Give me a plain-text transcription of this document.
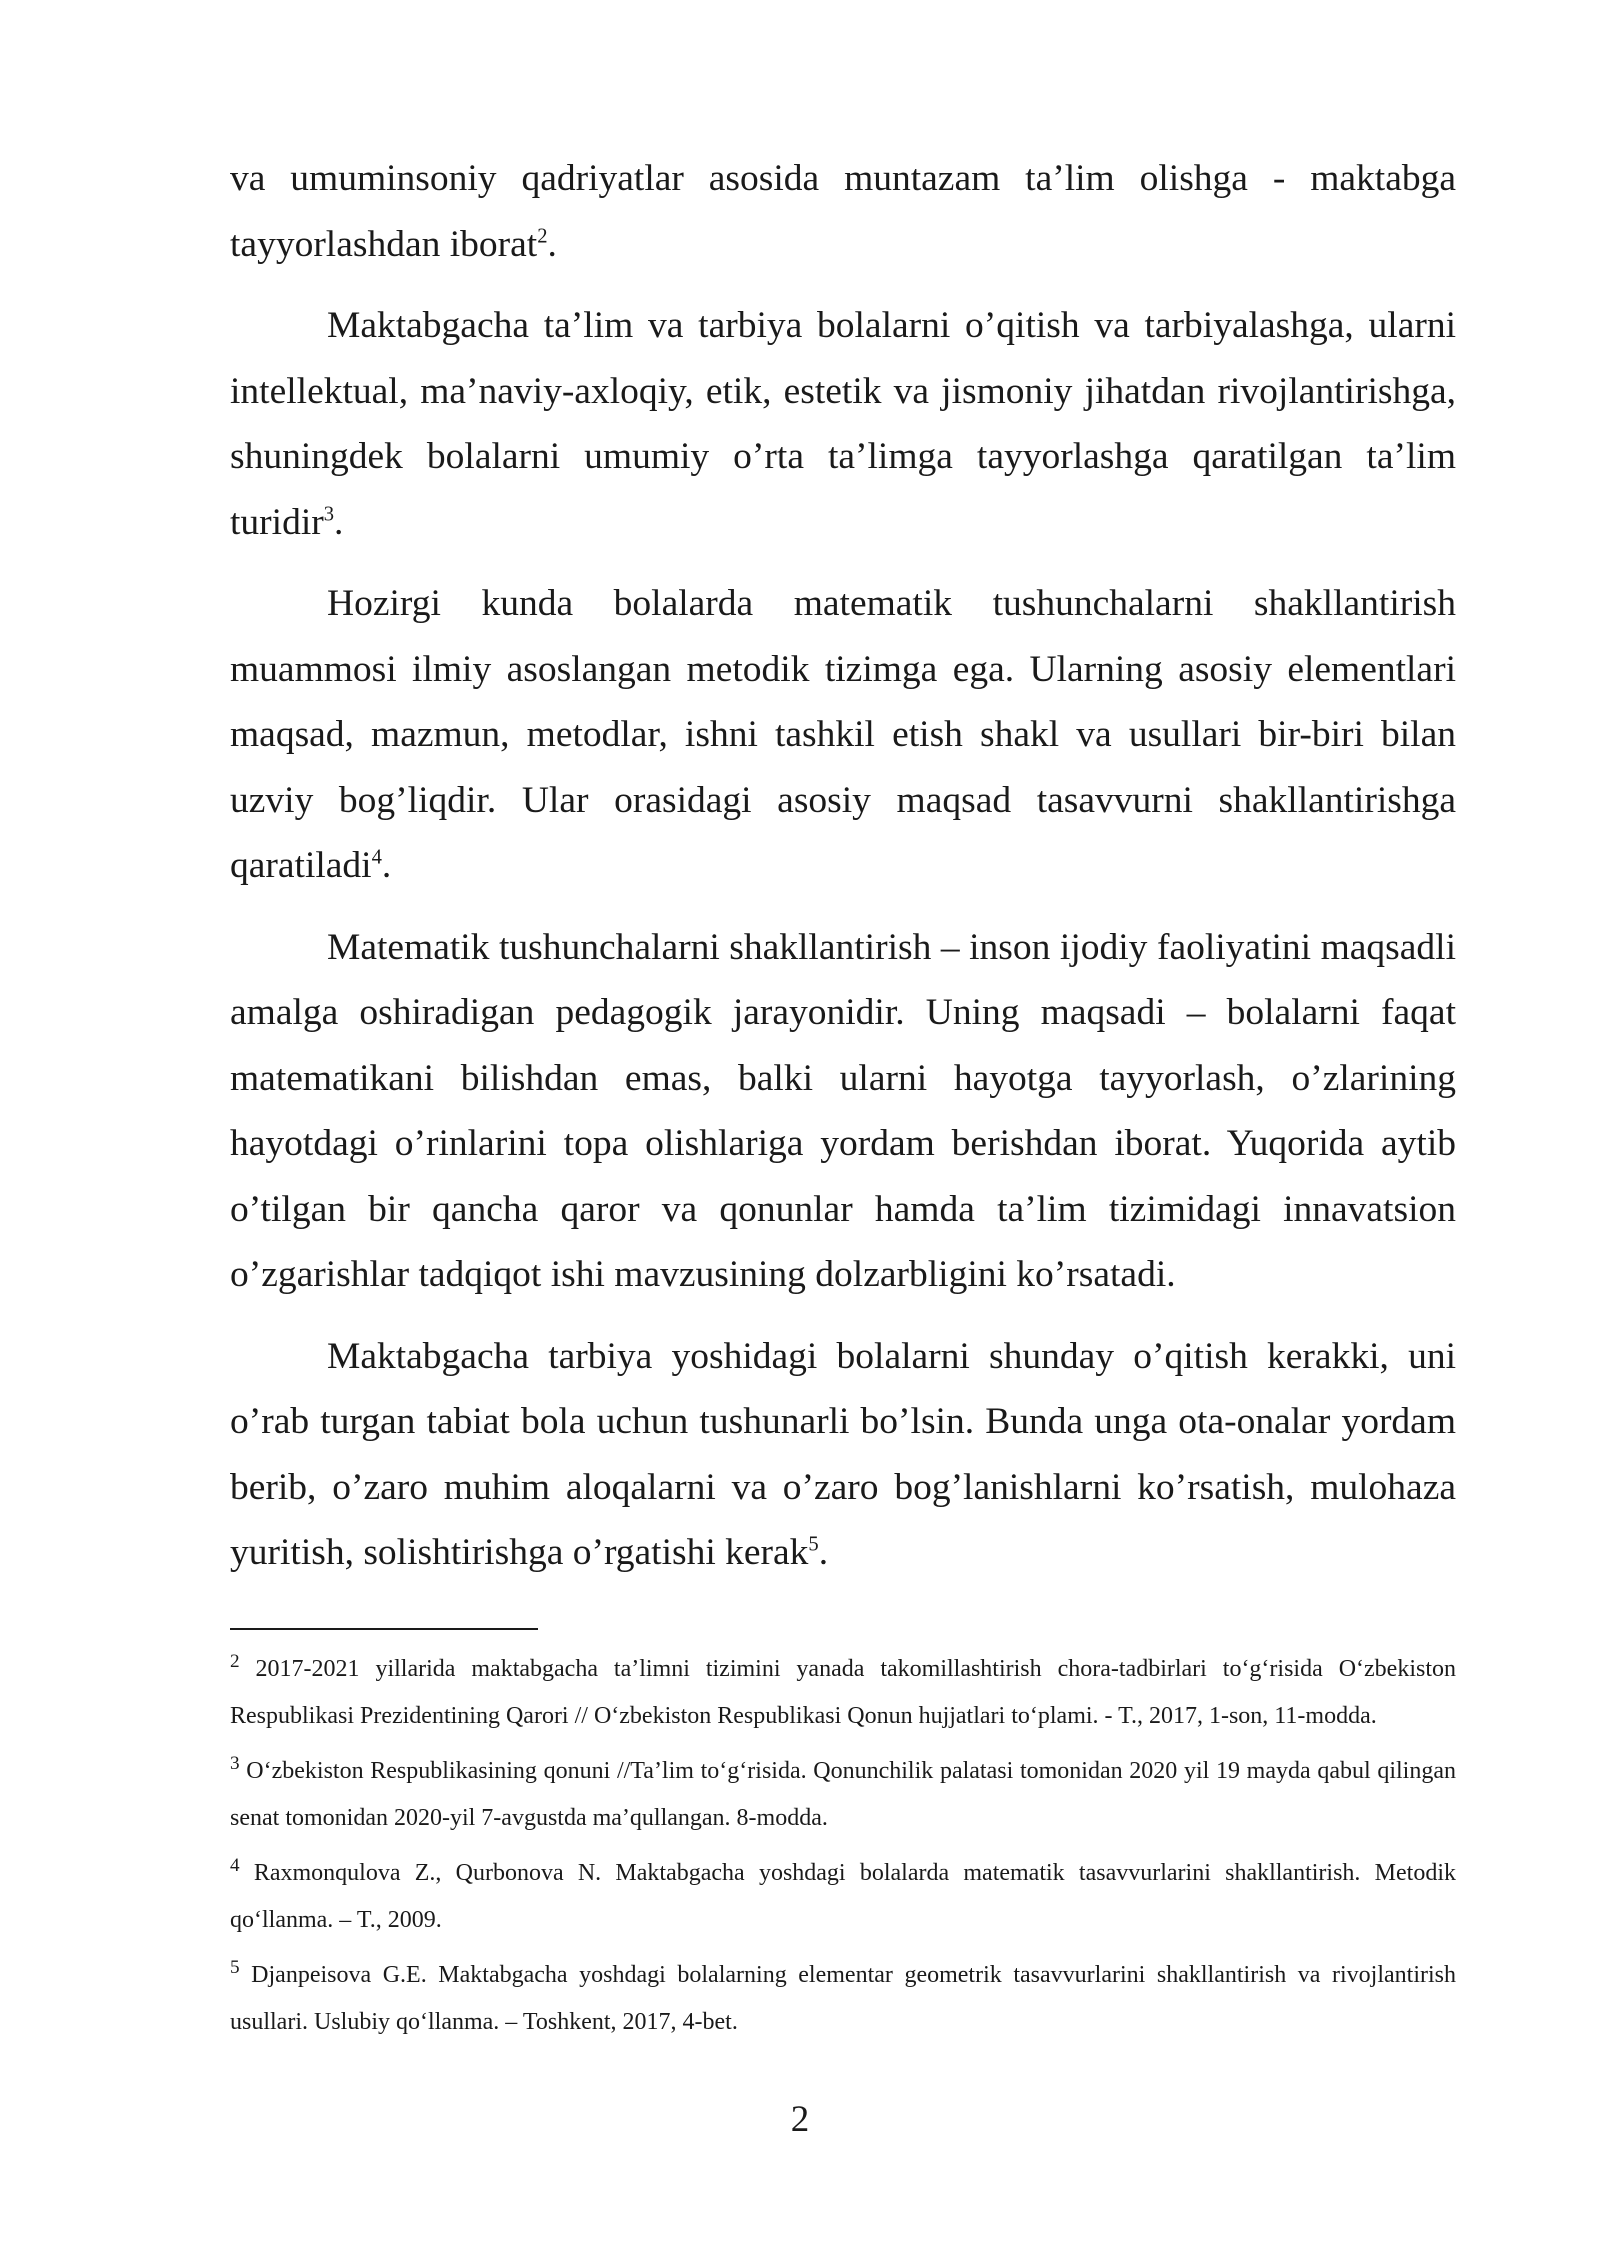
va umuminsoniy qadriyatlar asosida muntazam ta’lim olishga - maktabga tayyorlashdan iborat$^2$.

Maktabgacha ta’lim va tarbiya bolalarni o’qitish va tarbiyalashga, ularni intellektual, ma’naviy-axloqiy, etik, estetik va jismoniy jihatdan rivojlantirishga, shuningdek bolalarni umumiy o’rta ta’limga tayyorlashga qaratilgan ta’lim turidir$^3$.

Hozirgi kunda bolalarda matematik tushunchalarni shakllantirish muammosi ilmiy asoslangan metodik tizimga ega. Ularning asosiy elementlari maqsad, mazmun, metodlar, ishni tashkil etish shakl va usullari bir-biri bilan uzviy bog’liqdir. Ular orasidagi asosiy maqsad tasavvurni shakllantirishga qaratiladi$^4$.

Matematik tushunchalarni shakllantirish – inson ijodiy faoliyatini maqsadli amalga oshiradigan pedagogik jarayonidir. Uning maqsadi – bolalarni faqat matematikani bilishdan emas, balki ularni hayotga tayyorlash, o’zlarining hayotdagi o’rinlarini topa olishlariga yordam berishdan iborat. Yuqorida aytib o’tilgan bir qancha qaror va qonunlar hamda ta’lim tizimidagi innavatsion o’zgarishlar tadqiqot ishi mavzusining dolzarbligini ko’rsatadi.

Maktabgacha tarbiya yoshidagi bolalarni shunday o’qitish kerakki, uni o’rab turgan tabiat bola uchun tushunarli bo’lsin. Bunda unga ota-onalar yordam berib, o’zaro muhim aloqalarni va o’zaro bog’lanishlarni ko’rsatish, mulohaza yuritish, solishtirishga o’rgatishi kerak$^5$.

$^2$ 2017-2021 yillarida maktabgacha ta’limni tizimini yanada takomillashtirish chora-tadbirlari to‘g‘risida O‘zbekiston Respublikasi Prezidentining Qarori // O‘zbekiston Respublikasi Qonun hujjatlari to‘plami. - T., 2017, 1-son, 11-modda.

$^3$ O‘zbekiston Respublikasining qonuni //Ta’lim to‘g‘risida. Qonunchilik palatasi tomonidan 2020 yil 19 mayda qabul qilingan senat tomonidan 2020-yil 7-avgustda ma’qullangan. 8-modda.

$^4$ Raxmonqulova Z., Qurbonova N. Maktabgacha yoshdagi bolalarda matematik tasavvurlarini shakllantirish. Metodik qo‘llanma. – T., 2009.

$^5$ Djanpeisova G.E. Maktabgacha yoshdagi bolalarning elementar geometrik tasavvurlarini shakllantirish va rivojlantirish usullari. Uslubiy qo‘llanma. – Toshkent, 2017, 4-bet.

2
